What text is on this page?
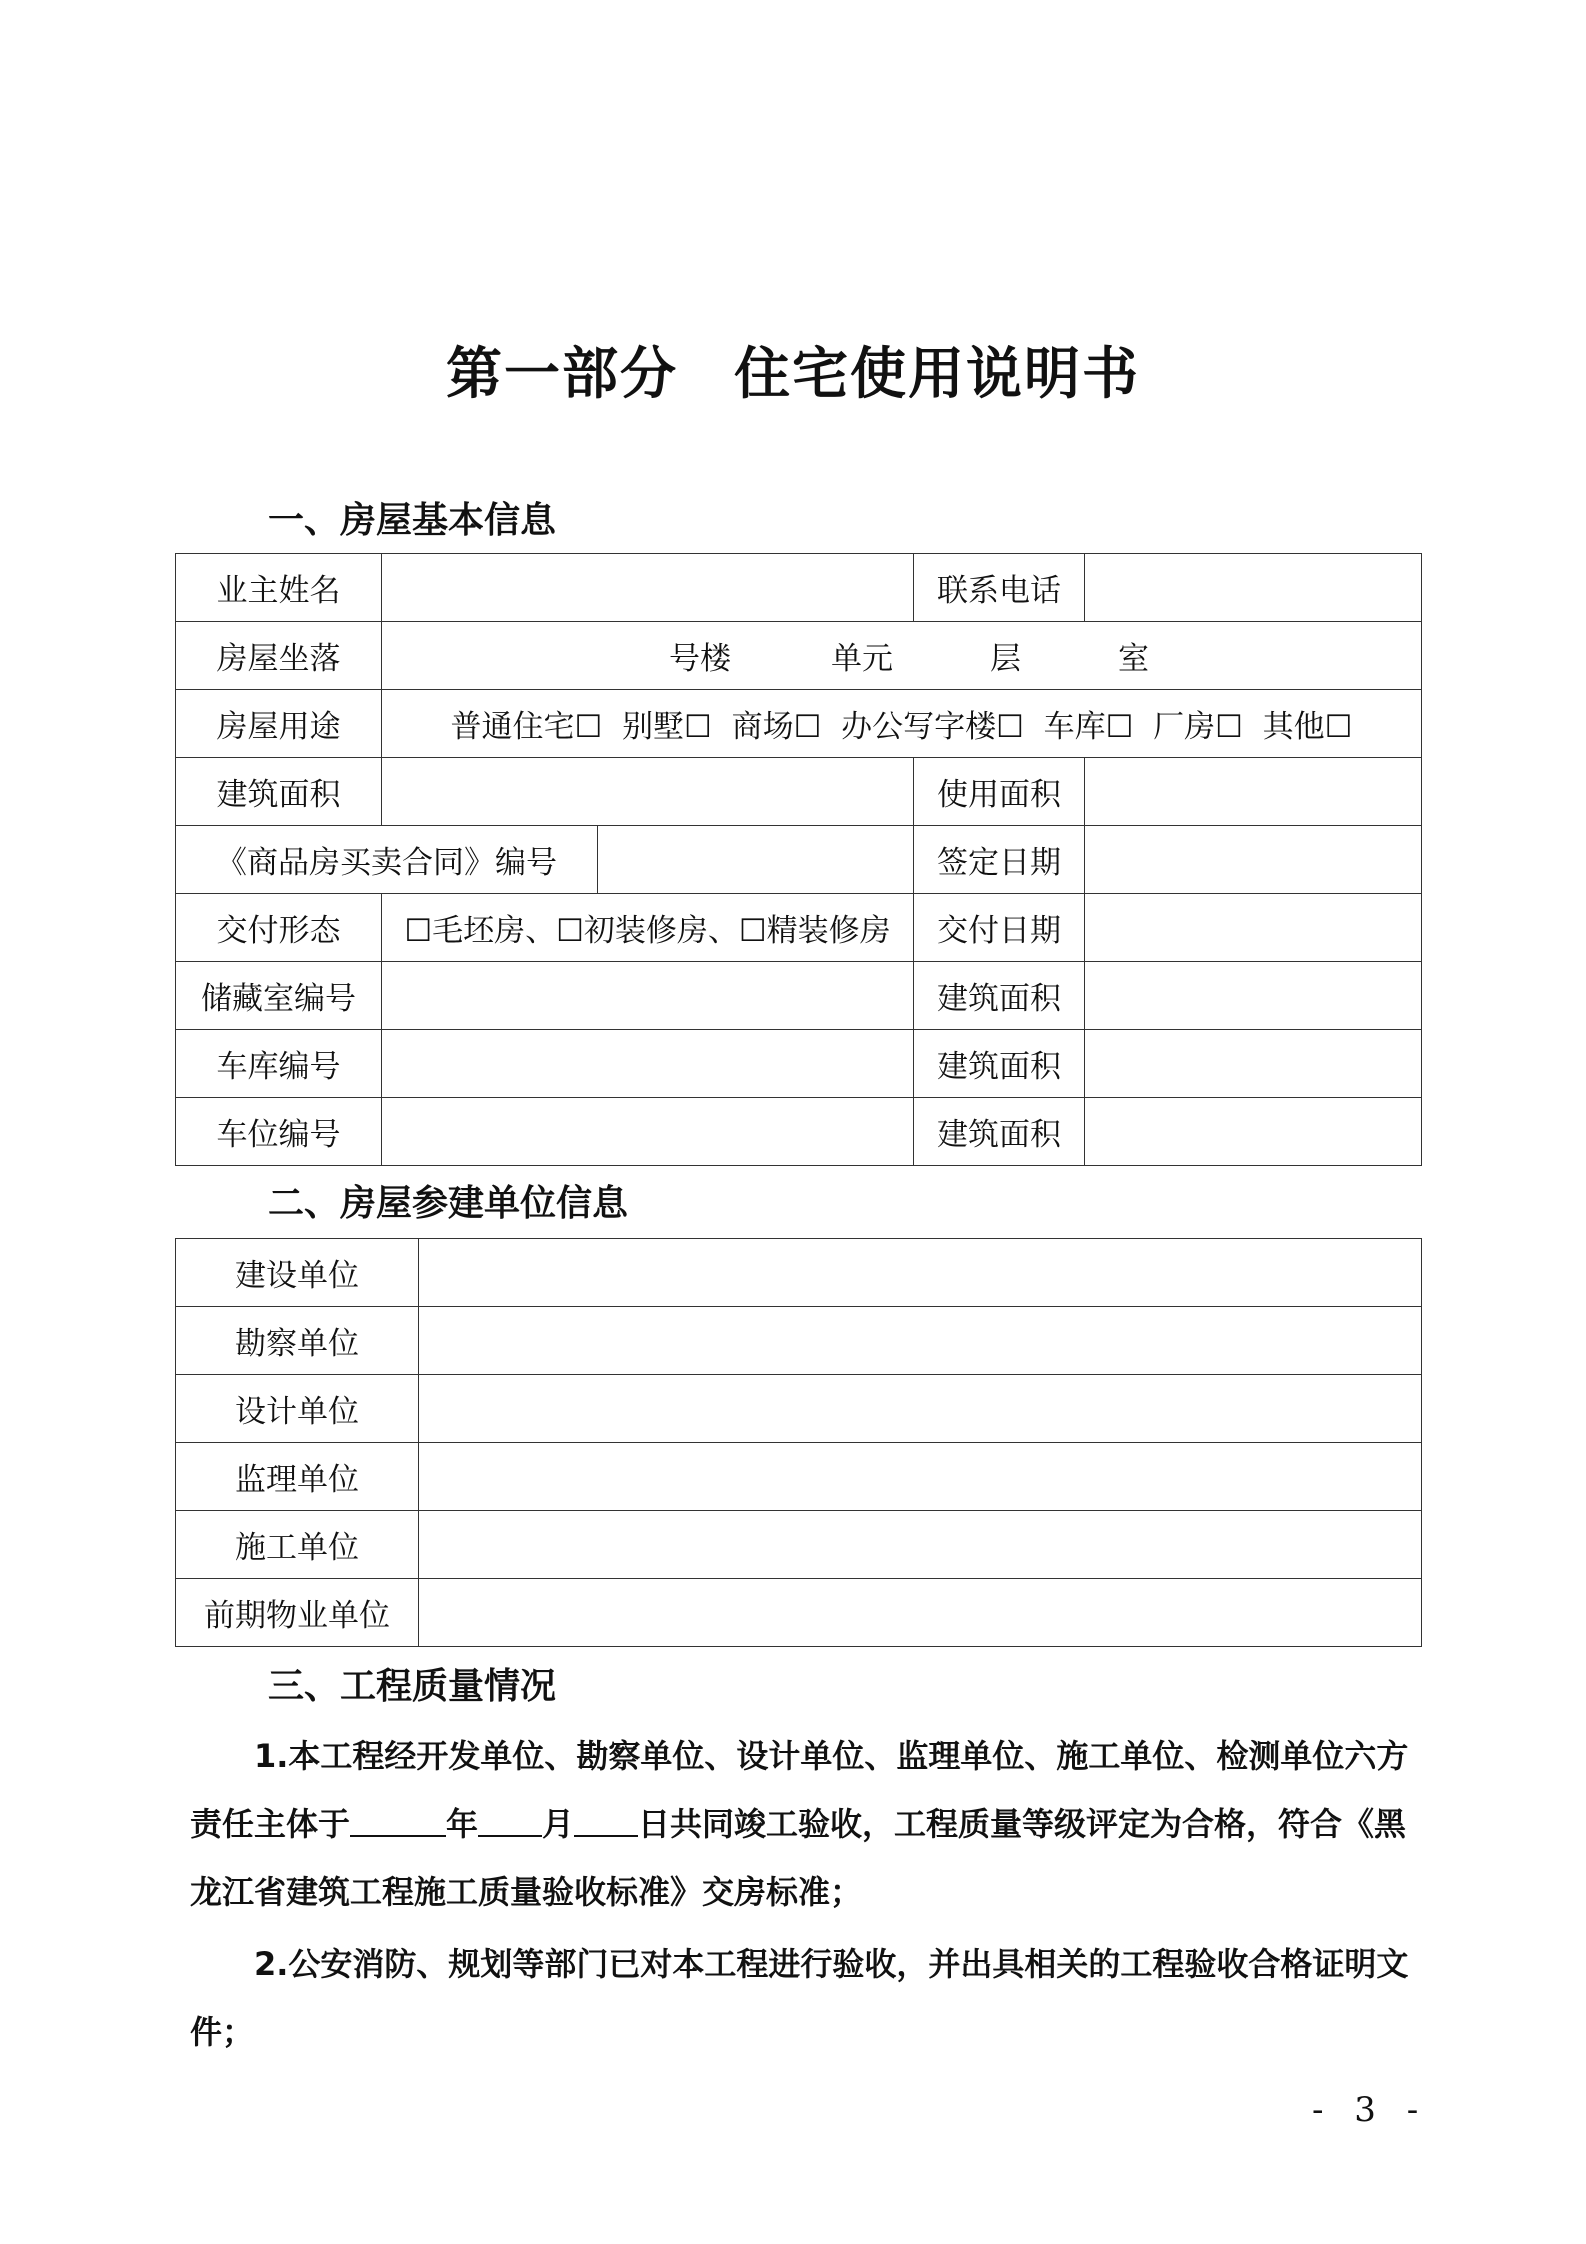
第一部分 住宅使用说明书
一、房屋基本信息
业主姓名			联系电话	
房屋坐落	号楼 单元 层 室			
房屋用途	普通住宅☐ 别墅☐ 商场☐ 办公写字楼☐ 车库☐ 厂房☐ 其他☐			
建筑面积			使用面积	
《商品房买卖合同》编号			签定日期	
交付形态	☐毛坯房、☐初装修房、☐精装修房		交付日期	
储藏室编号			建筑面积	
车库编号			建筑面积	
车位编号			建筑面积	
二、房屋参建单位信息
建设单位	
勘察单位	
设计单位	
监理单位	
施工单位	
前期物业单位	
三、工程质量情况
1.本工程经开发单位、勘察单位、设计单位、监理单位、施工单位、检测单位六方
责任主体于	年 月 日共同竣工验收，工程质量等级评定为合格，符合《黑
龙江省建筑工程施工质量验收标准》交房标准；
2.公安消防、规划等部门已对本工程进行验收，并出具相关的工程验收合格证明文
件；
- 3 -
